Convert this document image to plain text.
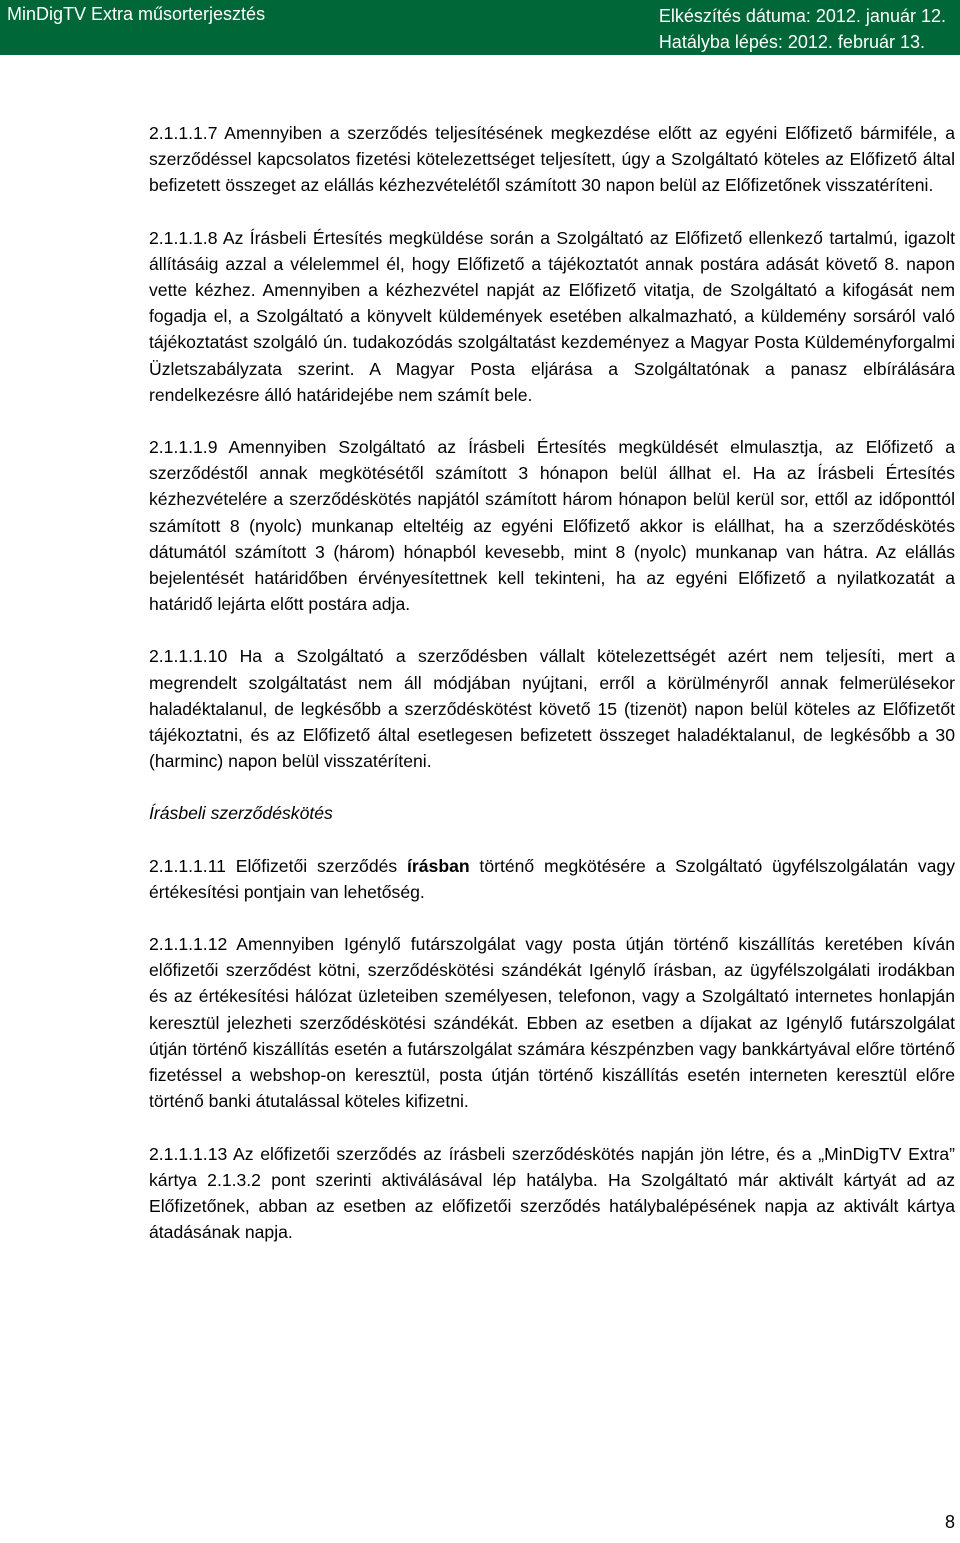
MinDigTV Extra műsorterjesztés	Elkészítés dátuma: 2012. január 12.
Hatályba lépés: 2012. február 13.

2.1.1.1.7 Amennyiben a szerződés teljesítésének megkezdése előtt az egyéni Előfizető bármiféle, a szerződéssel kapcsolatos fizetési kötelezettséget teljesített, úgy a Szolgáltató köteles az Előfizető által befizetett összeget az elállás kézhezvételétől számított 30 napon belül az Előfizetőnek visszatéríteni.

2.1.1.1.8 Az Írásbeli Értesítés megküldése során a Szolgáltató az Előfizető ellenkező tartalmú, igazolt állításáig azzal a vélelemmel él, hogy Előfizető a tájékoztatót annak postára adását követő 8. napon vette kézhez. Amennyiben a kézhezvétel napját az Előfizető vitatja, de Szolgáltató a kifogását nem fogadja el, a Szolgáltató a könyvelt küldemények esetében alkalmazható, a küldemény sorsáról való tájékoztatást szolgáló ún. tudakozódás szolgáltatást kezdeményez a Magyar Posta Küldeményforgalmi Üzletszabályzata szerint. A Magyar Posta eljárása a Szolgáltatónak a panasz elbírálására rendelkezésre álló határidejébe nem számít bele.

2.1.1.1.9 Amennyiben Szolgáltató az Írásbeli Értesítés megküldését elmulasztja, az Előfizető a szerződéstől annak megkötésétől számított 3 hónapon belül állhat el. Ha az Írásbeli Értesítés kézhezvételére a szerződéskötés napjától számított három hónapon belül kerül sor, ettől az időponttól számított 8 (nyolc) munkanap elteltéig az egyéni Előfizető akkor is elállhat, ha a szerződéskötés dátumától számított 3 (három) hónapból kevesebb, mint 8 (nyolc) munkanap van hátra. Az elállás bejelentését határidőben érvényesítettnek kell tekinteni, ha az egyéni Előfizető a nyilatkozatát a határidő lejárta előtt postára adja.

2.1.1.1.10 Ha a Szolgáltató a szerződésben vállalt kötelezettségét azért nem teljesíti, mert a megrendelt szolgáltatást nem áll módjában nyújtani, erről a körülményről annak felmerülésekor haladéktalanul, de legkésőbb a szerződéskötést követő 15 (tizenöt) napon belül köteles az Előfizetőt tájékoztatni, és az Előfizető által esetlegesen befizetett összeget haladéktalanul, de legkésőbb a 30 (harminc) napon belül visszatéríteni.

Írásbeli szerződéskötés

2.1.1.1.11 Előfizetői szerződés írásban történő megkötésére a Szolgáltató ügyfélszolgálatán vagy értékesítési pontjain van lehetőség.

2.1.1.1.12 Amennyiben Igénylő futárszolgálat vagy posta útján történő kiszállítás keretében kíván előfizetői szerződést kötni, szerződéskötési szándékát Igénylő írásban, az ügyfélszolgálati irodákban és az értékesítési hálózat üzleteiben személyesen, telefonon, vagy a Szolgáltató internetes honlapján keresztül jelezheti szerződéskötési szándékát. Ebben az esetben a díjakat az Igénylő futárszolgálat útján történő kiszállítás esetén a futárszolgálat számára készpénzben vagy bankkártyával előre történő fizetéssel a webshop-on keresztül, posta útján történő kiszállítás esetén interneten keresztül előre történő banki átutalással köteles kifizetni.

2.1.1.1.13 Az előfizetői szerződés az írásbeli szerződéskötés napján jön létre, és a „MinDigTV Extra” kártya 2.1.3.2 pont szerinti aktiválásával lép hatályba. Ha Szolgáltató már aktivált kártyát ad az Előfizetőnek, abban az esetben az előfizetői szerződés hatálybalépésének napja az aktivált kártya átadásának napja.

8
